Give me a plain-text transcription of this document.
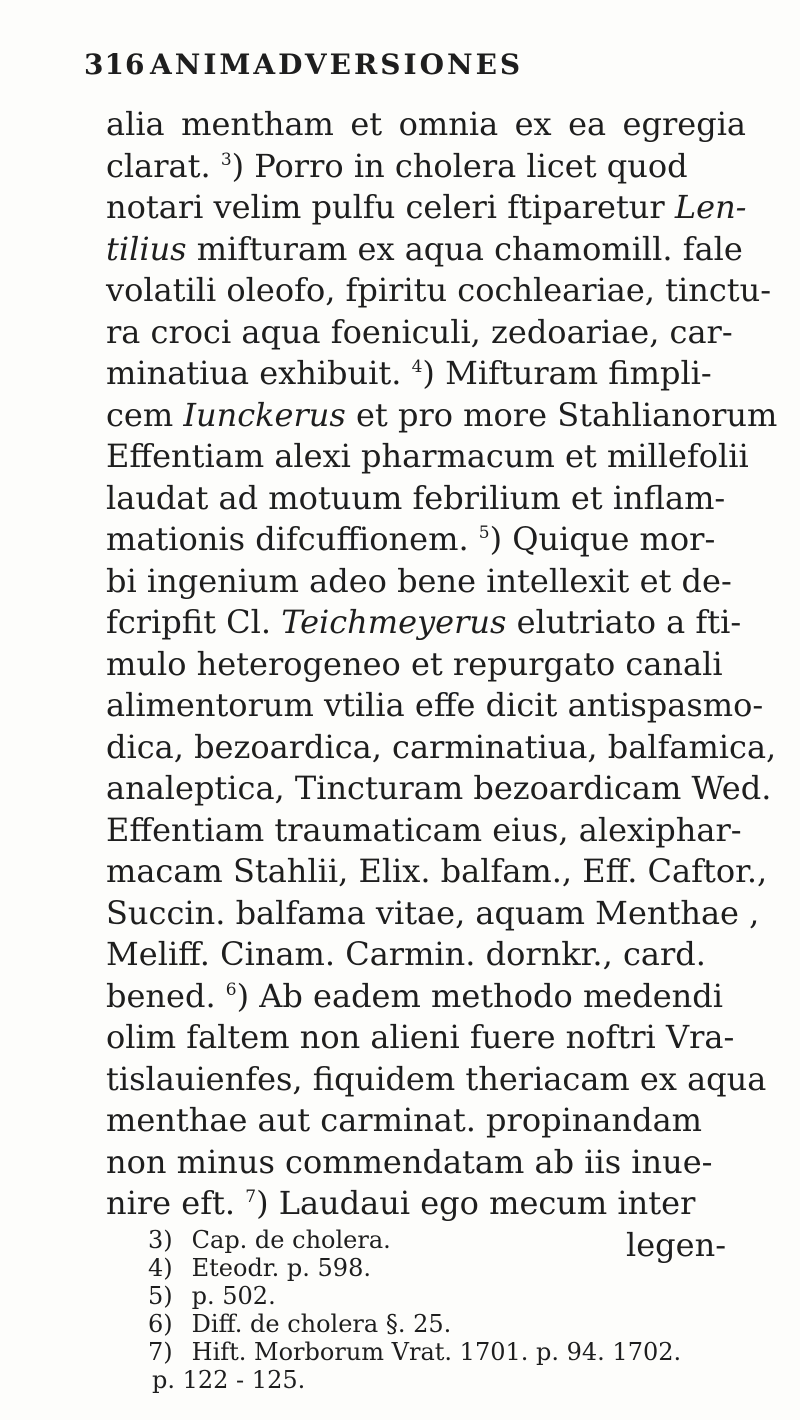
316 ANIMADVERSIONES
alia mentham et omnia ex ea egregia
clarat. $^3$) Porro in cholera licet quod
notari velim pulfu celeri ftiparetur Len-
tilius mifturam ex aqua chamomill. fale
volatili oleofo, fpiritu cochleariae, tinctu-
ra croci aqua foeniculi, zedoariae, car-
minatiua exhibuit. $^4$) Mifturam fimpli-
cem Iunckerus et pro more Stahlianorum
Effentiam alexi pharmacum et millefolii
laudat ad motuum febrilium et inflam-
mationis difcuffionem. $^5$) Quique mor-
bi ingenium adeo bene intellexit et de-
fcripfit Cl. Teichmeyerus elutriato a fti-
mulo heterogeneo et repurgato canali
alimentorum vtilia effe dicit antispasmo-
dica, bezoardica, carminatiua, balfamica,
analeptica, Tincturam bezoardicam Wed.
Effentiam traumaticam eius, alexiphar-
macam Stahlii, Elix. balfam., Eff. Caftor.,
Succin. balfama vitae, aquam Menthae ,
Meliff. Cinam. Carmin. dornkr., card.
bened. $^6$) Ab eadem methodo medendi
olim faltem non alieni fuere noftri Vra-
tislauienfes, fiquidem theriacam ex aqua
menthae aut carminat. propinandam
non minus commendatam ab iis inue-
nire eft. $^7$) Laudaui ego mecum inter
legen-
3) Cap. de cholera.
4) Eteodr. p. 598.
5) p. 502.
6) Diff. de cholera §. 25.
7) Hift. Morborum Vrat. 1701. p. 94. 1702.
p. 122 - 125.
